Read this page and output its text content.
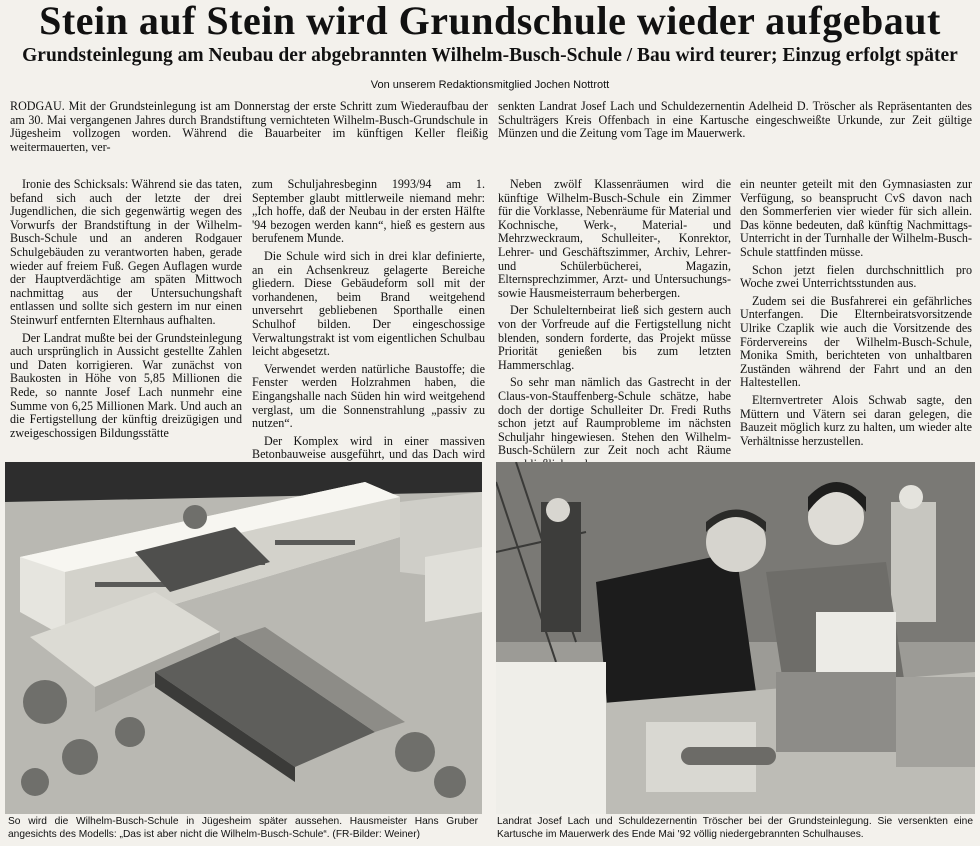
Stein auf Stein wird Grundschule wieder aufgebaut
Grundsteinlegung am Neubau der abgebrannten Wilhelm-Busch-Schule / Bau wird teurer; Einzug erfolgt später
Von unserem Redaktionsmitglied Jochen Nottrott

RODGAU. Mit der Grundsteinlegung ist am Donnerstag der erste Schritt zum Wiederaufbau der am 30. Mai vergangenen Jahres durch Brandstiftung vernichteten Wilhelm-Busch-Grundschule in Jügesheim vollzogen worden. Während die Bauarbeiter im künftigen Keller fleißig weitermauerten, ver-

senkten Landrat Josef Lach und Schuldezernentin Adelheid D. Tröscher als Repräsentanten des Schulträgers Kreis Offenbach in eine Kartusche eingeschweißte Urkunde, zur Zeit gültige Münzen und die Zeitung vom Tage im Mauerwerk.

Ironie des Schicksals: Während sie das taten, befand sich auch der letzte der drei Jugendlichen, die sich gegenwärtig wegen des Vorwurfs der Brandstiftung in der Wilhelm-Busch-Schule und an anderen Rodgauer Schulgebäuden zu verantworten haben, gerade wieder auf freiem Fuß. Gegen Auflagen wurde der Hauptverdächtige am späten Mittwoch nachmittag aus der Untersuchungshaft entlassen und sollte sich gestern im nur einen Steinwurf entfernten Elternhaus aufhalten.

Der Landrat mußte bei der Grundsteinlegung auch ursprünglich in Aussicht gestellte Zahlen und Daten korrigieren. War zunächst von Baukosten in Höhe von 5,85 Millionen die Rede, so nannte Josef Lach nunmehr eine Summe von 6,25 Millionen Mark. Und auch an die Fertigstellung der künftig dreizügigen und zweigeschossigen Bildungsstätte

zum Schuljahresbeginn 1993/94 am 1. September glaubt mittlerweile niemand mehr: „Ich hoffe, daß der Neubau in der ersten Hälfte '94 bezogen werden kann“, hieß es gestern aus berufenem Munde.

Die Schule wird sich in drei klar definierte, an ein Achsenkreuz gelagerte Bereiche gliedern. Diese Gebäudeform soll mit der vorhandenen, beim Brand weitgehend unversehrt gebliebenen Sporthalle einen Schulhof bilden. Der eingeschossige Verwaltungstrakt ist vom eigentlichen Schulbau leicht abgesetzt.

Verwendet werden natürliche Baustoffe; die Fenster werden Holzrahmen haben, die Eingangshalle nach Süden hin wird weitgehend verglast, um die Sonnenstrahlung „passiv zu nutzen“.

Der Komplex wird in einer massiven Betonbauweise ausgeführt, und das Dach wird

Neben zwölf Klassenräumen wird die künftige Wilhelm-Busch-Schule ein Zimmer für die Vorklasse, Nebenräume für Material und Kochnische, Werk-, Material- und Mehrzweckraum, Schulleiter-, Konrektor, Lehrer- und Geschäftszimmer, Archiv, Lehrer- und Schülerbücherei, Magazin, Elternsprechzimmer, Arzt- und Untersuchungs- sowie Hausmeisterraum beherbergen.

Der Schulelternbeirat ließ sich gestern auch von der Vorfreude auf die Fertigstellung nicht blenden, sondern forderte, das Projekt müsse Priorität genießen bis zum letzten Hammerschlag.

So sehr man nämlich das Gastrecht in der Claus-von-Stauffenberg-Schule schätze, habe doch der dortige Schulleiter Dr. Fredi Ruths schon jetzt auf Raumprobleme im nächsten Schuljahr hingewiesen. Stehen den Wilhelm-Busch-Schülern zur Zeit noch acht Räume

ein neunter geteilt mit den Gymnasiasten zur Verfügung, so beansprucht CvS davon nach den Sommerferien vier wieder für sich allein. Das könne bedeuten, daß künftig Nachmittags-Unterricht in der Turnhalle der Wilhelm-Busch-Schule stattfinden müsse.

Schon jetzt fielen durchschnittlich pro Woche zwei Unterrichtsstunden aus.

Zudem sei die Busfahrerei ein gefährliches Unterfangen. Die Elternbeiratsvorsitzende Ulrike Czaplik wie auch die Vorsitzende des Fördervereins der Wilhelm-Busch-Schule, Monika Smith, berichteten von unhaltbaren Zuständen während der Fahrt und an den Haltestellen.

Elternvertreter Alois Schwab sagte, den Müttern und Vätern sei daran gelegen, die Bauzeit möglich kurz zu halten, um wieder alte Verhältnisse herzustellen.

So wird die Wilhelm-Busch-Schule in Jügesheim später aussehen. Hausmeister Hans Gruber angesichts des Modells: „Das ist aber nicht die Wilhelm-Busch-Schule“. (FR-Bilder: Weiner)
Landrat Josef Lach und Schuldezernentin Tröscher bei der Grundsteinlegung. Sie versenkten eine Kartusche im Mauerwerk des Ende Mai '92 völlig niedergebrannten Schulhauses.
